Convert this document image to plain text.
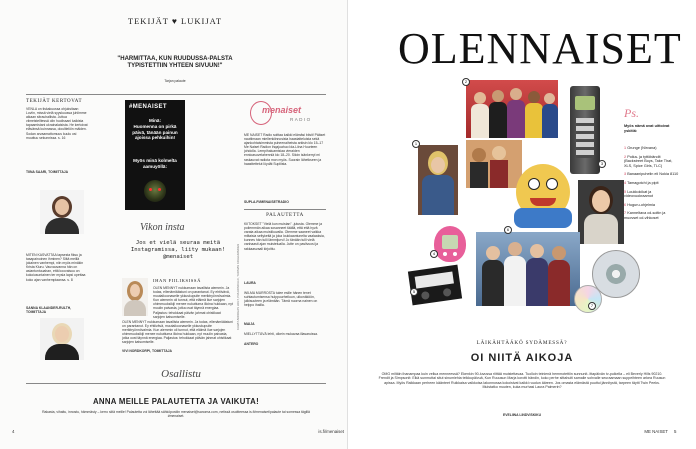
TEKIJÄT ♥ LUKIJAT
"HARMITTAA, KUN RUUDUSSA-PALSTA TYPISTETTIIN YHTEEN SIVUUN!"
Tarjan palaute
TEKIJÄT KERTOVAT
VENLA on tiskakuussa ohjuksitaan Loviin, missä vielä syyskuussa juhlimme aikaan sitrauhallista. Juttua viimeistelltessä olin huolissani kaikista tapaamistani ukrainalaisista. He kertoivat elävänsä kuinnassa, oloultielöin mäiden. Sodan arvaamattomuus kuulu vai muuttuu sekunnissa. s. 16
TIINA SAARI, TOIMITTAJA
MITEN KASVATTAA lapsesta fiksu ja tasapainoinen ihminen? Siitä meillä jokainen vanhempi, niin myös minäkin Krista Kiuru. Vauvauvanna hän on asiantuntuuahan, että koovaisuu on kokoiusuntainen ter mysla lapsi opettaa koko ajan vanhempiaansa. s. 8
SANNA KLAANDER-RULTH, TOIMITTAJA
#MENAISET
Minä:
Huomenna on pirkä päivä, tänään painun ajoissa pehkuihin!
Myös minä kolmelta aamuyöllä:
Vikon insta
Jos et vielä seuraa meitä Instagramissa, liity mukaan! @menaiset
IHAN FIILIKSISSÄ
OLEN MENNYT nukkumaan tavallista aiemmin. Ja todas, ellenämiäästuni on parantanut. Ey ehtiivävä, muutaikoonaselle ykkuskupuite meriktryönnövaimia. Kun aiemmin oli tunnut, että eläimä ilue sarjojen ohimmuuksikiji menee nukuttuma illoina hukkaan, nyt muulin paivasta, jotka ovat täynnä energiaa. Paljastus: tehokkaat päivän jahmat ohistikaat sarjojen katsomiselle.
OLEN MENNYT nukkumaan tavallista aiemmin. Ja todas, ellenämiäästuni on parantanut. Ey ehtiivävä, muutaikoonaselle ykkuskupuite meriktryönnövaimia. Kun aiemmin oli tunnut, että eläimä ilue sarjojen ohimmuuksikiji menee nukuttuma illoina hukkaan, nyt muulin paivasta, jotka ovat täynnä energiaa. Paljastus: tehokkaat päivän jahmat ohistikaat sarjojen katsomiselle.
VIVI NORDKORPI, TOIMITTAJA
menaiset
RADIO
ME NAISET Radio soittaa kaikki elämäsi biisit! Pääset nauttimaan miellenkiinnosista haastatteluista sekä ajankohtaisimmista puheenaiheista arkisin klo 15–17 Me Naiset Radion ihqajuahuo Ida-Liina Huurteen johdolla. Lempihaluamisiaa vieraiden ennioasuvelahenniä klo 18–20. Siloin isänkerryl mi raskauvat radiota mon myös. Suorain lähetkseen ja haasttettelut löydät Supliista.
SUPLA.FI/MENAISETRADIO
PALAUTETTA
KIITOKSET "Vielä kun muistan" -jutusta. Olemme ja poilemmän aikaa sosanneet täällä, että että hyvä varata aikaa muistikuvalla. Olemme saaneet vaikka miltaisia seltykeitä ja joka loukkaantunelta vaalaaksia, kunnes hän tulli lämmijurvi! Jo tänään tulli vielä vanhaasti ajan muistelualla. Jutte on paslivuosi ja rakkaasvaali kirjoittu.
LAURA
WILMA MURROSTA tulee esille hänen tenet suhtautumisensa hulppuurheiluun, ulkonäköön, julkisuuteen ja elämään. Tämä nuorna nainen on helppo ihailla.
MAIJA
MIELLYTTÄVÄ lehti, olkein mukavaa illasaruissa.
ANTERO
KUVAT ANDREAS HOLT, PIIA ARNOULD, TUOMAS KOLEHMAINEN
Osallistu
ANNA MEILLE PALAUTETTA JA VAIKUTA!
Rakasta, vihaitu, innostu, hämmästy – kerro siitä meille! Palautetta voi lähettää sähköpostiin menaiset@sanoma.com, netissä osoitteessa is.fi/menaiset/palaute tai somessa tägillä #menaiset.
4	is.fi/menaiset
OLENNAISET
1
2
3
4
5
6
7
Ps.
Myös nämä ovat uittoivat yskitiä:
1 Grunge (Nirvana)
2 Poika- ja tyttöbändit (Backstreet Boys, Take That, XLS, Spice Girls, TLC)
3 Banaanipuhelin eli Nokia 8110
4 Tamagotchi ja pipit
5 Loukkokikat ja videovuokraamot
6 Huguru-ohjelmia
7 Kanneltava cd-soitin ja muovset cd-vihkoset
LÄIKÄHTÄÄKÖ SYDÄMESSÄ?
OI NIITÄ AIKOJA
OMG miltäin ihanampaa kuin vellua menneessä? Ekenkin 90-luvussa riittää muistettavaa. Tuolloin teinienä hemmotettiin sunnunit- ittapäivän tv-puikella – eli Beverly Hills 90210. Frendit ja Simpsonit: Elkä sunmuttai situt sinumiehia teikkupäivuä, Kun Ruuusun Marja korotti bändin, koko perhe sittahuiti samalle sohvalle seuraamaan suppeihteen arkea Ruusun apissa. Myös Raikkaan perheen käänteet Ruikkaisa vaikkoisa lakonnossa kokoistvat kaikki ruudun ääreen. Jos omasta elämästä puuttui jännitystä, tarpeen täytti Twin Peeks. Muistatko muuten, kuka murhasi Laura Palmerin?
EVELIINA LINDVISKIKU
ME NAISET 5
